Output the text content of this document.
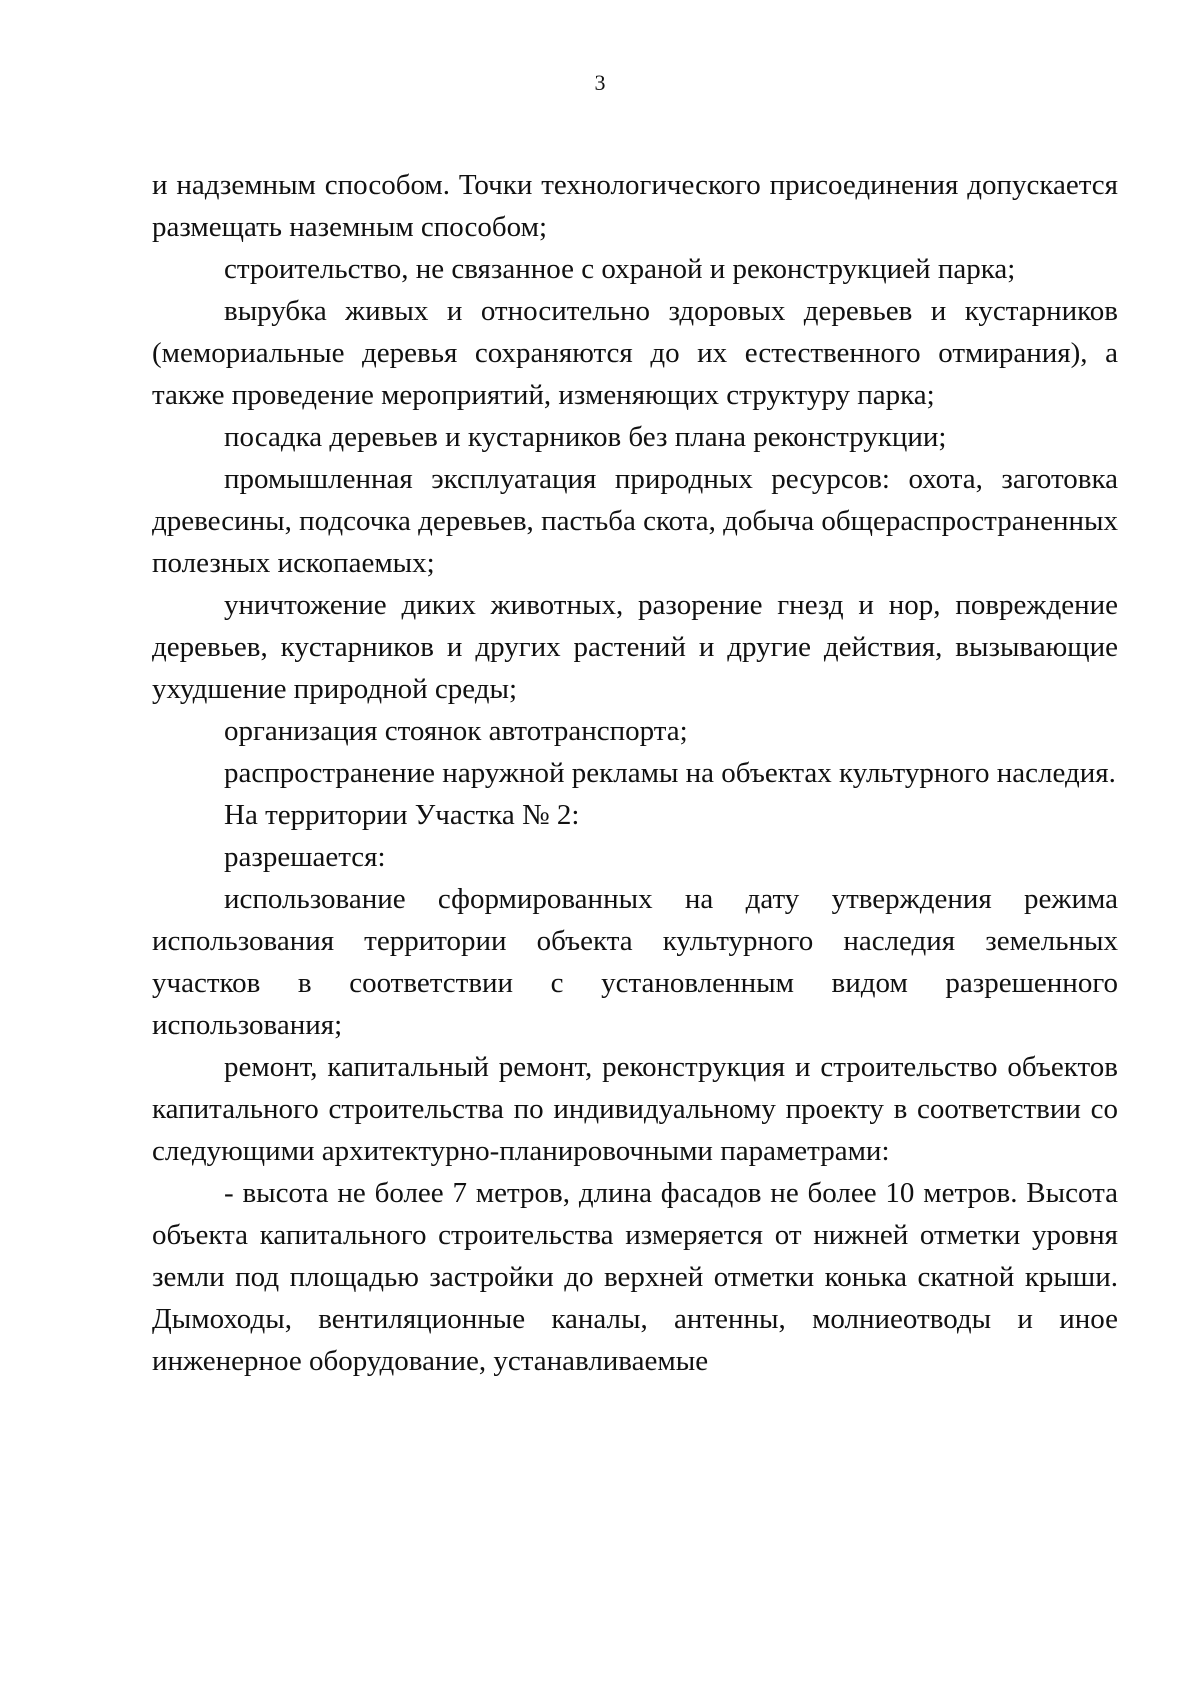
3

и надземным способом. Точки технологического присоединения допускается размещать наземным способом;

строительство, не связанное с охраной и реконструкцией парка;

вырубка живых и относительно здоровых деревьев и кустарников (мемориальные деревья сохраняются до их естественного отмирания), а также проведение мероприятий, изменяющих структуру парка;

посадка деревьев и кустарников без плана реконструкции;

промышленная эксплуатация природных ресурсов: охота, заготовка древесины, подсочка деревьев, пастьба скота, добыча общераспространенных полезных ископаемых;

уничтожение диких животных, разорение гнезд и нор, повреждение деревьев, кустарников и других растений и другие действия, вызывающие ухудшение природной среды;

организация стоянок автотранспорта;

распространение наружной рекламы на объектах культурного наследия.

На территории Участка № 2:

разрешается:

использование сформированных на дату утверждения режима использования территории объекта культурного наследия земельных участков в соответствии с установленным видом разрешенного использования;

ремонт, капитальный ремонт, реконструкция и строительство объектов капитального строительства по индивидуальному проекту в соответствии со следующими архитектурно-планировочными параметрами:

- высота не более 7 метров, длина фасадов не более 10 метров. Высота объекта капитального строительства измеряется от нижней отметки уровня земли под площадью застройки до верхней отметки конька скатной крыши. Дымоходы, вентиляционные каналы, антенны, молниеотводы и иное инженерное оборудование, устанавливаемые
